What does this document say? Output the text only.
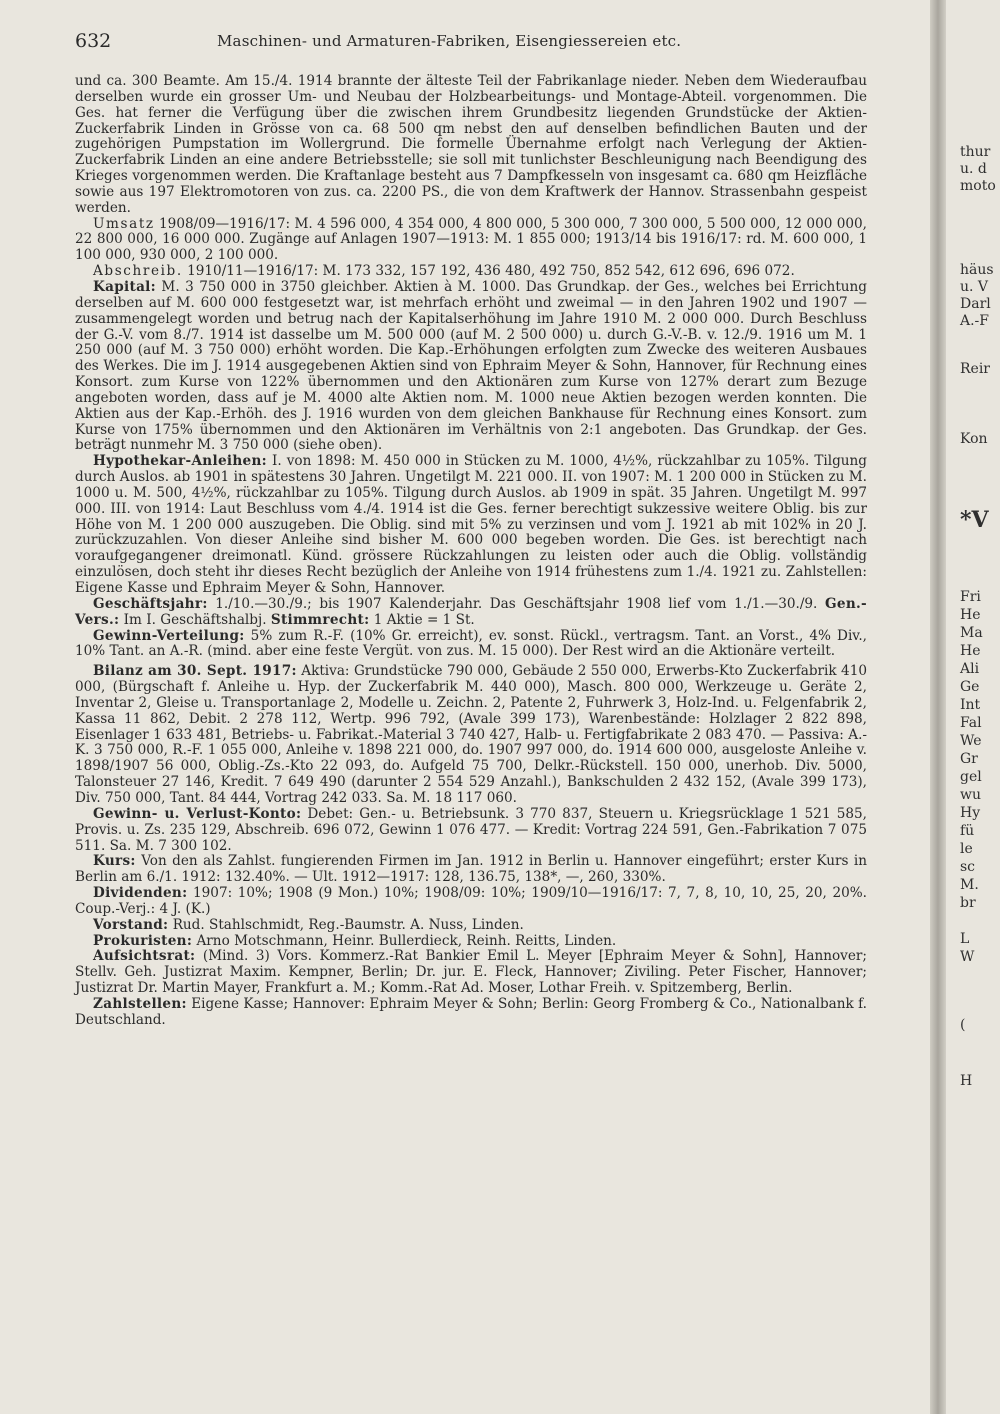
632	Maschinen- und Armaturen-Fabriken, Eisengiessereien etc.

und ca. 300 Beamte. Am 15./4. 1914 brannte der älteste Teil der Fabrikanlage nieder. Neben dem Wiederaufbau derselben wurde ein grosser Um- und Neubau der Holzbearbeitungs- und Montage-Abteil. vorgenommen. Die Ges. hat ferner die Verfügung über die zwischen ihrem Grundbesitz liegenden Grundstücke der Aktien-Zuckerfabrik Linden in Grösse von ca. 68 500 qm nebst den auf denselben befindlichen Bauten und der zugehörigen Pumpstation im Wollergrund. Die formelle Übernahme erfolgt nach Verlegung der Aktien-Zuckerfabrik Linden an eine andere Betriebsstelle; sie soll mit tunlichster Beschleunigung nach Beendigung des Krieges vorgenommen werden. Die Kraftanlage besteht aus 7 Dampfkesseln von insgesamt ca. 680 qm Heizfläche sowie aus 197 Elektromotoren von zus. ca. 2200 PS., die von dem Kraftwerk der Hannov. Strassenbahn gespeist werden.

Umsatz 1908/09—1916/17: M. 4 596 000, 4 354 000, 4 800 000, 5 300 000, 7 300 000, 5 500 000, 12 000 000, 22 800 000, 16 000 000. Zugänge auf Anlagen 1907—1913: M. 1 855 000; 1913/14 bis 1916/17: rd. M. 600 000, 1 100 000, 930 000, 2 100 000.

Abschreib. 1910/11—1916/17: M. 173 332, 157 192, 436 480, 492 750, 852 542, 612 696, 696 072.

Kapital: M. 3 750 000 in 3750 gleichber. Aktien à M. 1000. Das Grundkap. der Ges., welches bei Errichtung derselben auf M. 600 000 festgesetzt war, ist mehrfach erhöht und zweimal — in den Jahren 1902 und 1907 — zusammengelegt worden und betrug nach der Kapitalserhöhung im Jahre 1910 M. 2 000 000. Durch Beschluss der G.-V. vom 8./7. 1914 ist dasselbe um M. 500 000 (auf M. 2 500 000) u. durch G.-V.-B. v. 12./9. 1916 um M. 1 250 000 (auf M. 3 750 000) erhöht worden. Die Kap.-Erhöhungen erfolgten zum Zwecke des weiteren Ausbaues des Werkes. Die im J. 1914 ausgegebenen Aktien sind von Ephraim Meyer & Sohn, Hannover, für Rechnung eines Konsort. zum Kurse von 122% übernommen und den Aktionären zum Kurse von 127% derart zum Bezuge angeboten worden, dass auf je M. 4000 alte Aktien nom. M. 1000 neue Aktien bezogen werden konnten. Die Aktien aus der Kap.-Erhöh. des J. 1916 wurden von dem gleichen Bankhause für Rechnung eines Konsort. zum Kurse von 175% übernommen und den Aktionären im Verhältnis von 2:1 angeboten. Das Grundkap. der Ges. beträgt nunmehr M. 3 750 000 (siehe oben).

Hypothekar-Anleihen: I. von 1898: M. 450 000 in Stücken zu M. 1000, 4½%, rückzahlbar zu 105%. Tilgung durch Auslos. ab 1901 in spätestens 30 Jahren. Ungetilgt M. 221 000. II. von 1907: M. 1 200 000 in Stücken zu M. 1000 u. M. 500, 4½%, rückzahlbar zu 105%. Tilgung durch Auslos. ab 1909 in spät. 35 Jahren. Ungetilgt M. 997 000. III. von 1914: Laut Beschluss vom 4./4. 1914 ist die Ges. ferner berechtigt sukzessive weitere Oblig. bis zur Höhe von M. 1 200 000 auszugeben. Die Oblig. sind mit 5% zu verzinsen und vom J. 1921 ab mit 102% in 20 J. zurückzuzahlen. Von dieser Anleihe sind bisher M. 600 000 begeben worden. Die Ges. ist berechtigt nach voraufgegangener dreimonatl. Künd. grössere Rückzahlungen zu leisten oder auch die Oblig. vollständig einzulösen, doch steht ihr dieses Recht bezüglich der Anleihe von 1914 frühestens zum 1./4. 1921 zu. Zahlstellen: Eigene Kasse und Ephraim Meyer & Sohn, Hannover.

Geschäftsjahr: 1./10.—30./9.; bis 1907 Kalenderjahr. Das Geschäftsjahr 1908 lief vom 1./1.—30./9. Gen.-Vers.: Im I. Geschäftshalbj. Stimmrecht: 1 Aktie = 1 St.

Gewinn-Verteilung: 5% zum R.-F. (10% Gr. erreicht), ev. sonst. Rückl., vertragsm. Tant. an Vorst., 4% Div., 10% Tant. an A.-R. (mind. aber eine feste Vergüt. von zus. M. 15 000). Der Rest wird an die Aktionäre verteilt.

Bilanz am 30. Sept. 1917: Aktiva: Grundstücke 790 000, Gebäude 2 550 000, Erwerbs-Kto Zuckerfabrik 410 000, (Bürgschaft f. Anleihe u. Hyp. der Zuckerfabrik M. 440 000), Masch. 800 000, Werkzeuge u. Geräte 2, Inventar 2, Gleise u. Transportanlage 2, Modelle u. Zeichn. 2, Patente 2, Fuhrwerk 3, Holz-Ind. u. Felgenfabrik 2, Kassa 11 862, Debit. 2 278 112, Wertp. 996 792, (Avale 399 173), Warenbestände: Holzlager 2 822 898, Eisenlager 1 633 481, Betriebs- u. Fabrikat.-Material 3 740 427, Halb- u. Fertigfabrikate 2 083 470. — Passiva: A.-K. 3 750 000, R.-F. 1 055 000, Anleihe v. 1898 221 000, do. 1907 997 000, do. 1914 600 000, ausgeloste Anleihe v. 1898/1907 56 000, Oblig.-Zs.-Kto 22 093, do. Aufgeld 75 700, Delkr.-Rückstell. 150 000, unerhob. Div. 5000, Talonsteuer 27 146, Kredit. 7 649 490 (darunter 2 554 529 Anzahl.), Bankschulden 2 432 152, (Avale 399 173), Div. 750 000, Tant. 84 444, Vortrag 242 033. Sa. M. 18 117 060.

Gewinn- u. Verlust-Konto: Debet: Gen.- u. Betriebsunk. 3 770 837, Steuern u. Kriegsrücklage 1 521 585, Provis. u. Zs. 235 129, Abschreib. 696 072, Gewinn 1 076 477. — Kredit: Vortrag 224 591, Gen.-Fabrikation 7 075 511. Sa. M. 7 300 102.

Kurs: Von den als Zahlst. fungierenden Firmen im Jan. 1912 in Berlin u. Hannover eingeführt; erster Kurs in Berlin am 6./1. 1912: 132.40%. — Ult. 1912—1917: 128, 136.75, 138*, —, 260, 330%.

Dividenden: 1907: 10%; 1908 (9 Mon.) 10%; 1908/09: 10%; 1909/10—1916/17: 7, 7, 8, 10, 10, 25, 20, 20%. Coup.-Verj.: 4 J. (K.)

Vorstand: Rud. Stahlschmidt, Reg.-Baumstr. A. Nuss, Linden.

Prokuristen: Arno Motschmann, Heinr. Bullerdieck, Reinh. Reitts, Linden.

Aufsichtsrat: (Mind. 3) Vors. Kommerz.-Rat Bankier Emil L. Meyer [Ephraim Meyer & Sohn], Hannover; Stellv. Geh. Justizrat Maxim. Kempner, Berlin; Dr. jur. E. Fleck, Hannover; Ziviling. Peter Fischer, Hannover; Justizrat Dr. Martin Mayer, Frankfurt a. M.; Komm.-Rat Ad. Moser, Lothar Freih. v. Spitzemberg, Berlin.

Zahlstellen: Eigene Kasse; Hannover: Ephraim Meyer & Sohn; Berlin: Georg Fromberg & Co., Nationalbank f. Deutschland.

thur
u. d
moto
häus
u. V
Darl
A.-F
Reir
Kon
*V
Fri
He
Ma
He
Ali
Ge
Int
Fal
We
Gr
gel
wu
Hy
fü
le
sc
M.
br
L
W
(
H
